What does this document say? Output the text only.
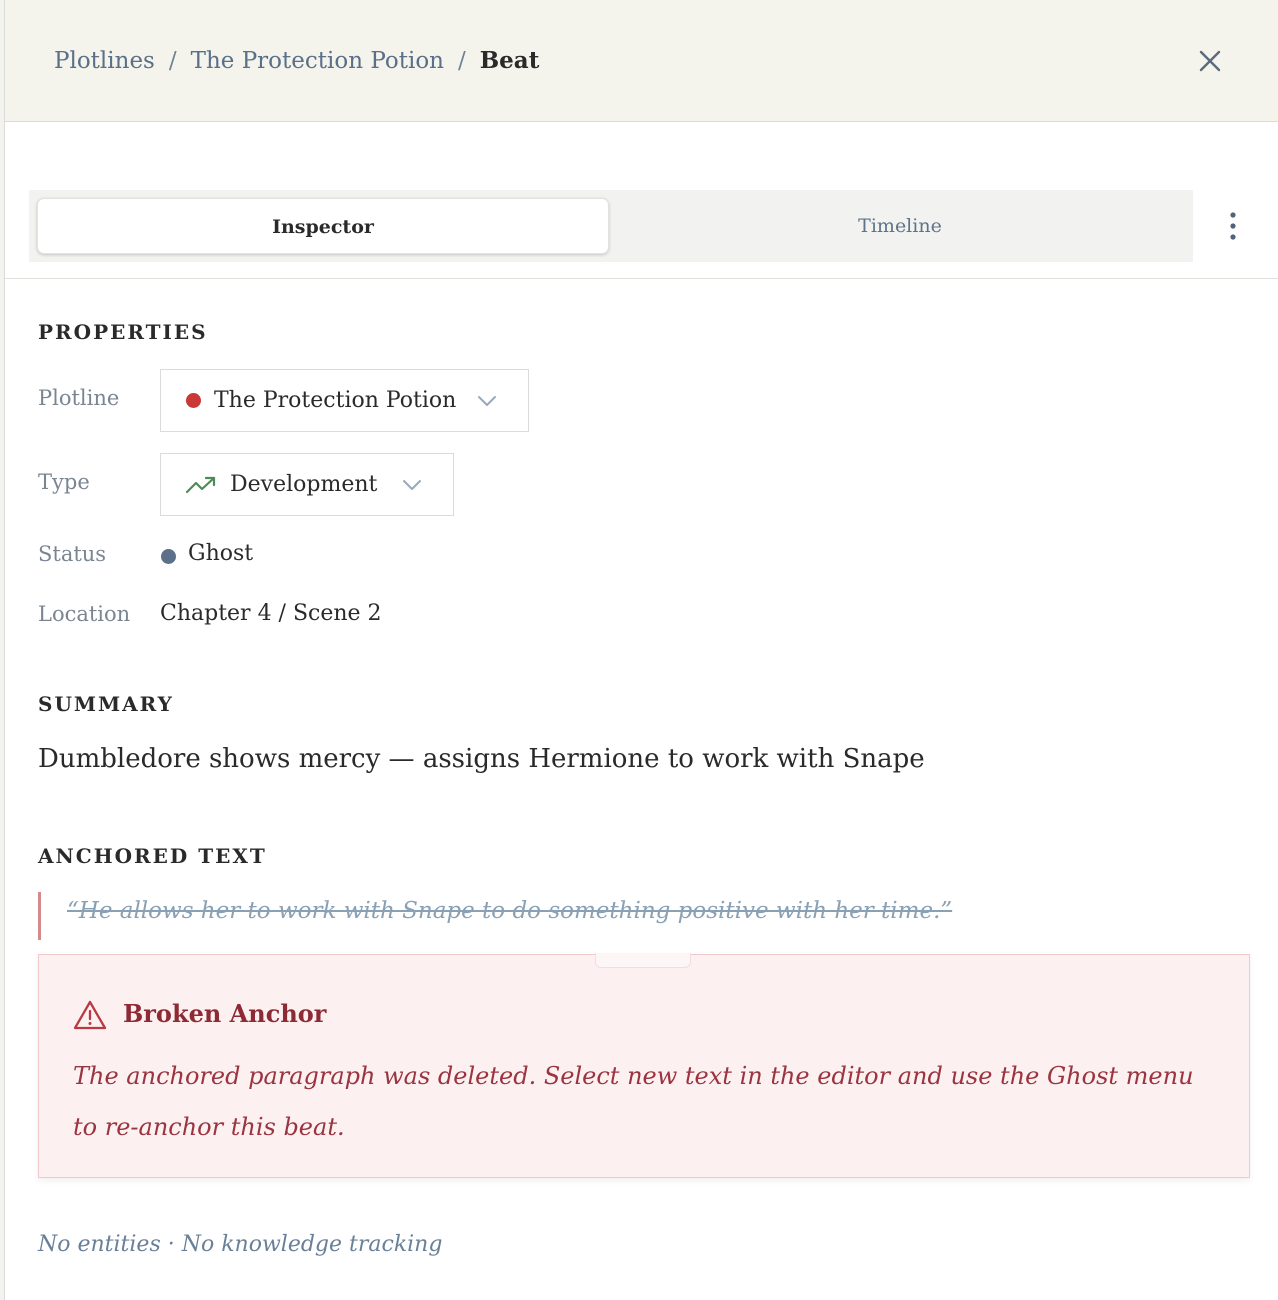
Plotlines / The Protection Potion / Beat
Inspector	Timeline
PROPERTIES
Plotline	The Protection Potion
Type	Development
Status	Ghost
Location Chapter 4 / Scene 2
SUMMARY
Dumbledore shows mercy — assigns Hermione to work with Snape
ANCHORED TEXT
“He allows her to work with Snape to do something positive with her time.”
Broken Anchor
The anchored paragraph was deleted. Select new text in the editor and use the Ghost menu to re-anchor this beat.
No entities · No knowledge tracking
